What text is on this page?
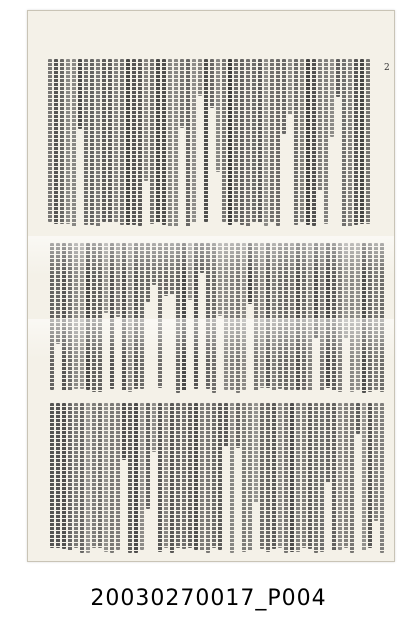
2
20030270017_P004
